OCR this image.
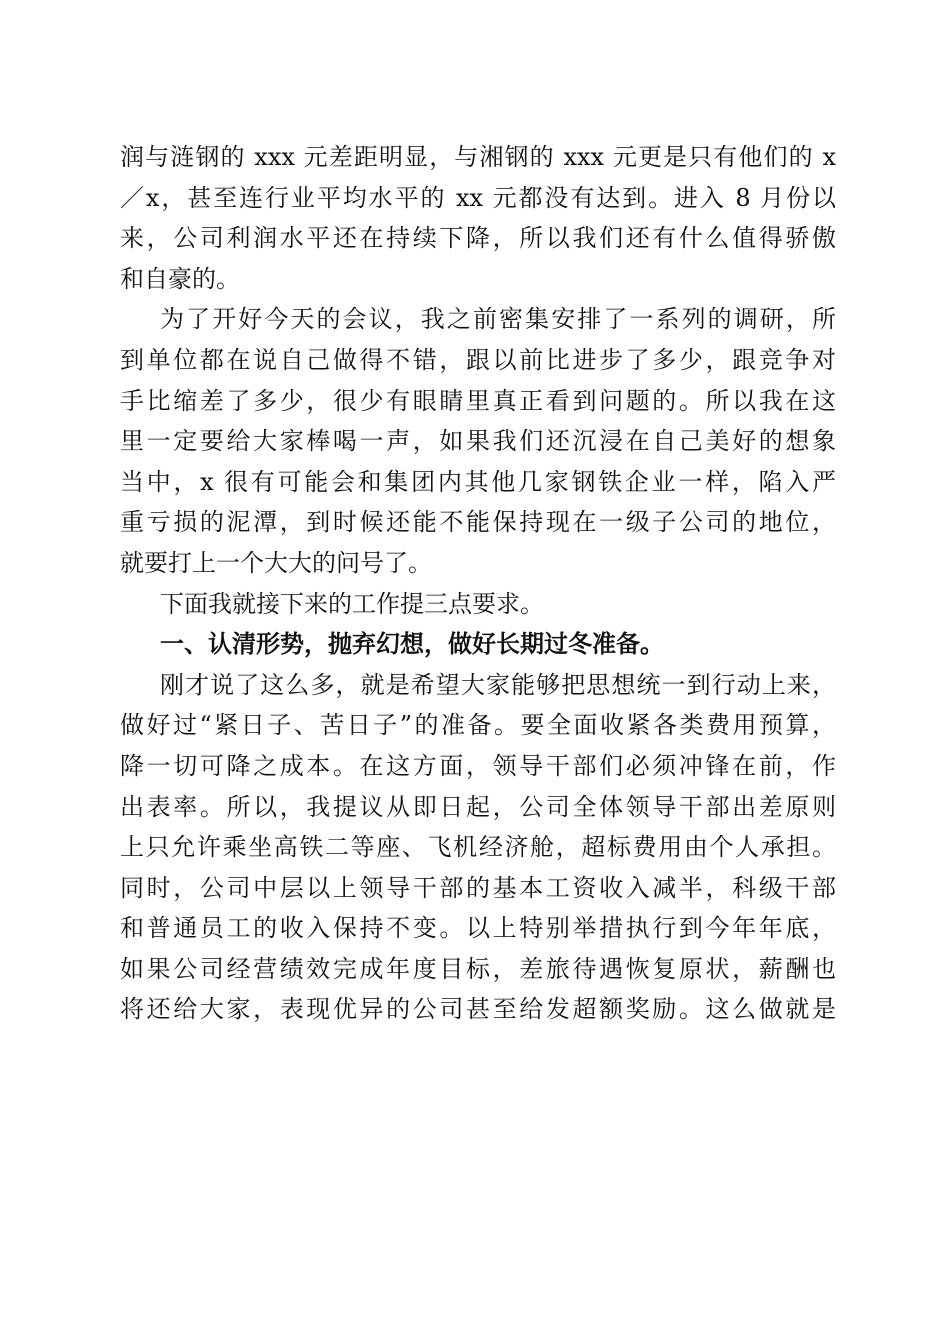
润与涟钢的 xxx 元差距明显，与湘钢的 xxx 元更是只有他们的 x
／x，甚至连行业平均水平的 xx 元都没有达到。进入 8 月份以
来，公司利润水平还在持续下降，所以我们还有什么值得骄傲
和自豪的。
为了开好今天的会议，我之前密集安排了一系列的调研，所
到单位都在说自己做得不错，跟以前比进步了多少，跟竞争对
手比缩差了多少，很少有眼睛里真正看到问题的。所以我在这
里一定要给大家棒喝一声，如果我们还沉浸在自己美好的想象
当中，x 很有可能会和集团内其他几家钢铁企业一样，陷入严
重亏损的泥潭，到时候还能不能保持现在一级子公司的地位，
就要打上一个大大的问号了。
下面我就接下来的工作提三点要求。
一、认清形势，抛弃幻想，做好长期过冬准备。
刚才说了这么多，就是希望大家能够把思想统一到行动上来，
做好过“紧日子、苦日子”的准备。要全面收紧各类费用预算，
降一切可降之成本。在这方面，领导干部们必须冲锋在前，作
出表率。所以，我提议从即日起，公司全体领导干部出差原则
上只允许乘坐高铁二等座、飞机经济舱，超标费用由个人承担。
同时，公司中层以上领导干部的基本工资收入减半，科级干部
和普通员工的收入保持不变。以上特别举措执行到今年年底，
如果公司经营绩效完成年度目标，差旅待遇恢复原状，薪酬也
将还给大家，表现优异的公司甚至给发超额奖励。这么做就是
